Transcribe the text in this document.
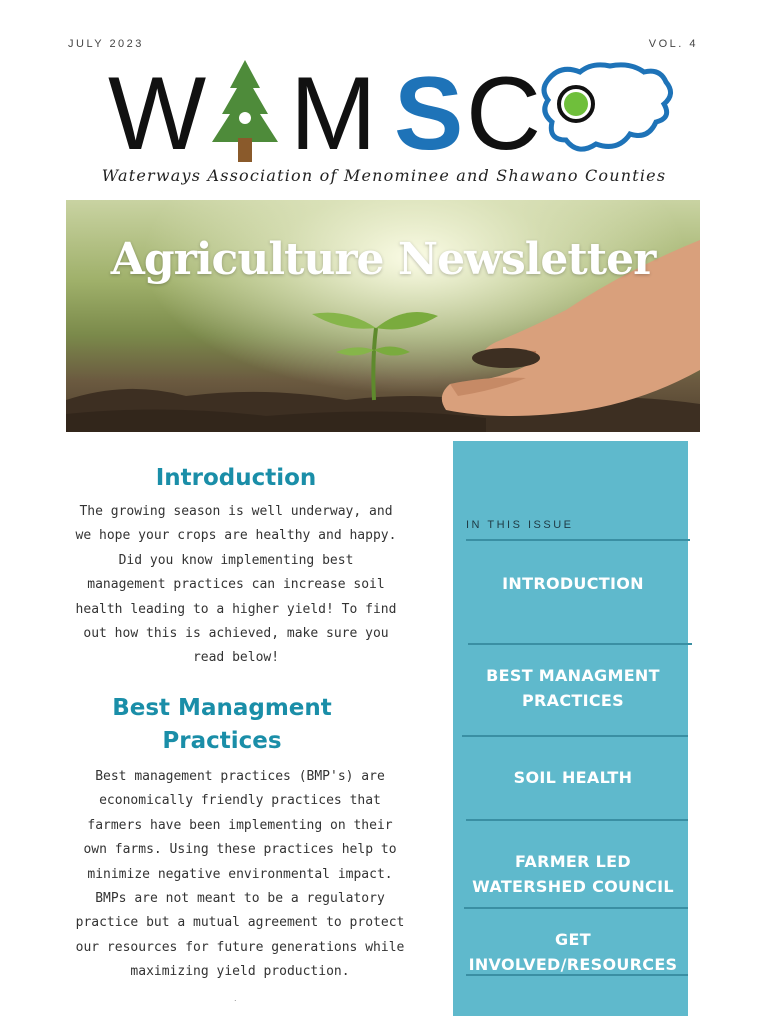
JULY 2023	VOL. 4
W M S C
Waterways Association of Menominee and Shawano Counties
Agriculture Newsletter
Introduction
The growing season is well underway, and
we hope your crops are healthy and happy.
Did you know implementing best
management practices can increase soil
health leading to a higher yield! To find
out how this is achieved, make sure you
read below!
Best Managment
Practices
Best management practices (BMP's) are
economically friendly practices that
farmers have been implementing on their
own farms. Using these practices help to
minimize negative environmental impact.
BMPs are not meant to be a regulatory
practice but a mutual agreement to protect
our resources for future generations while
maximizing yield production.
.
IN THIS ISSUE
INTRODUCTION
BEST MANAGMENT
PRACTICES
SOIL HEALTH
FARMER LED
WATERSHED COUNCIL
GET
INVOLVED/RESOURCES
